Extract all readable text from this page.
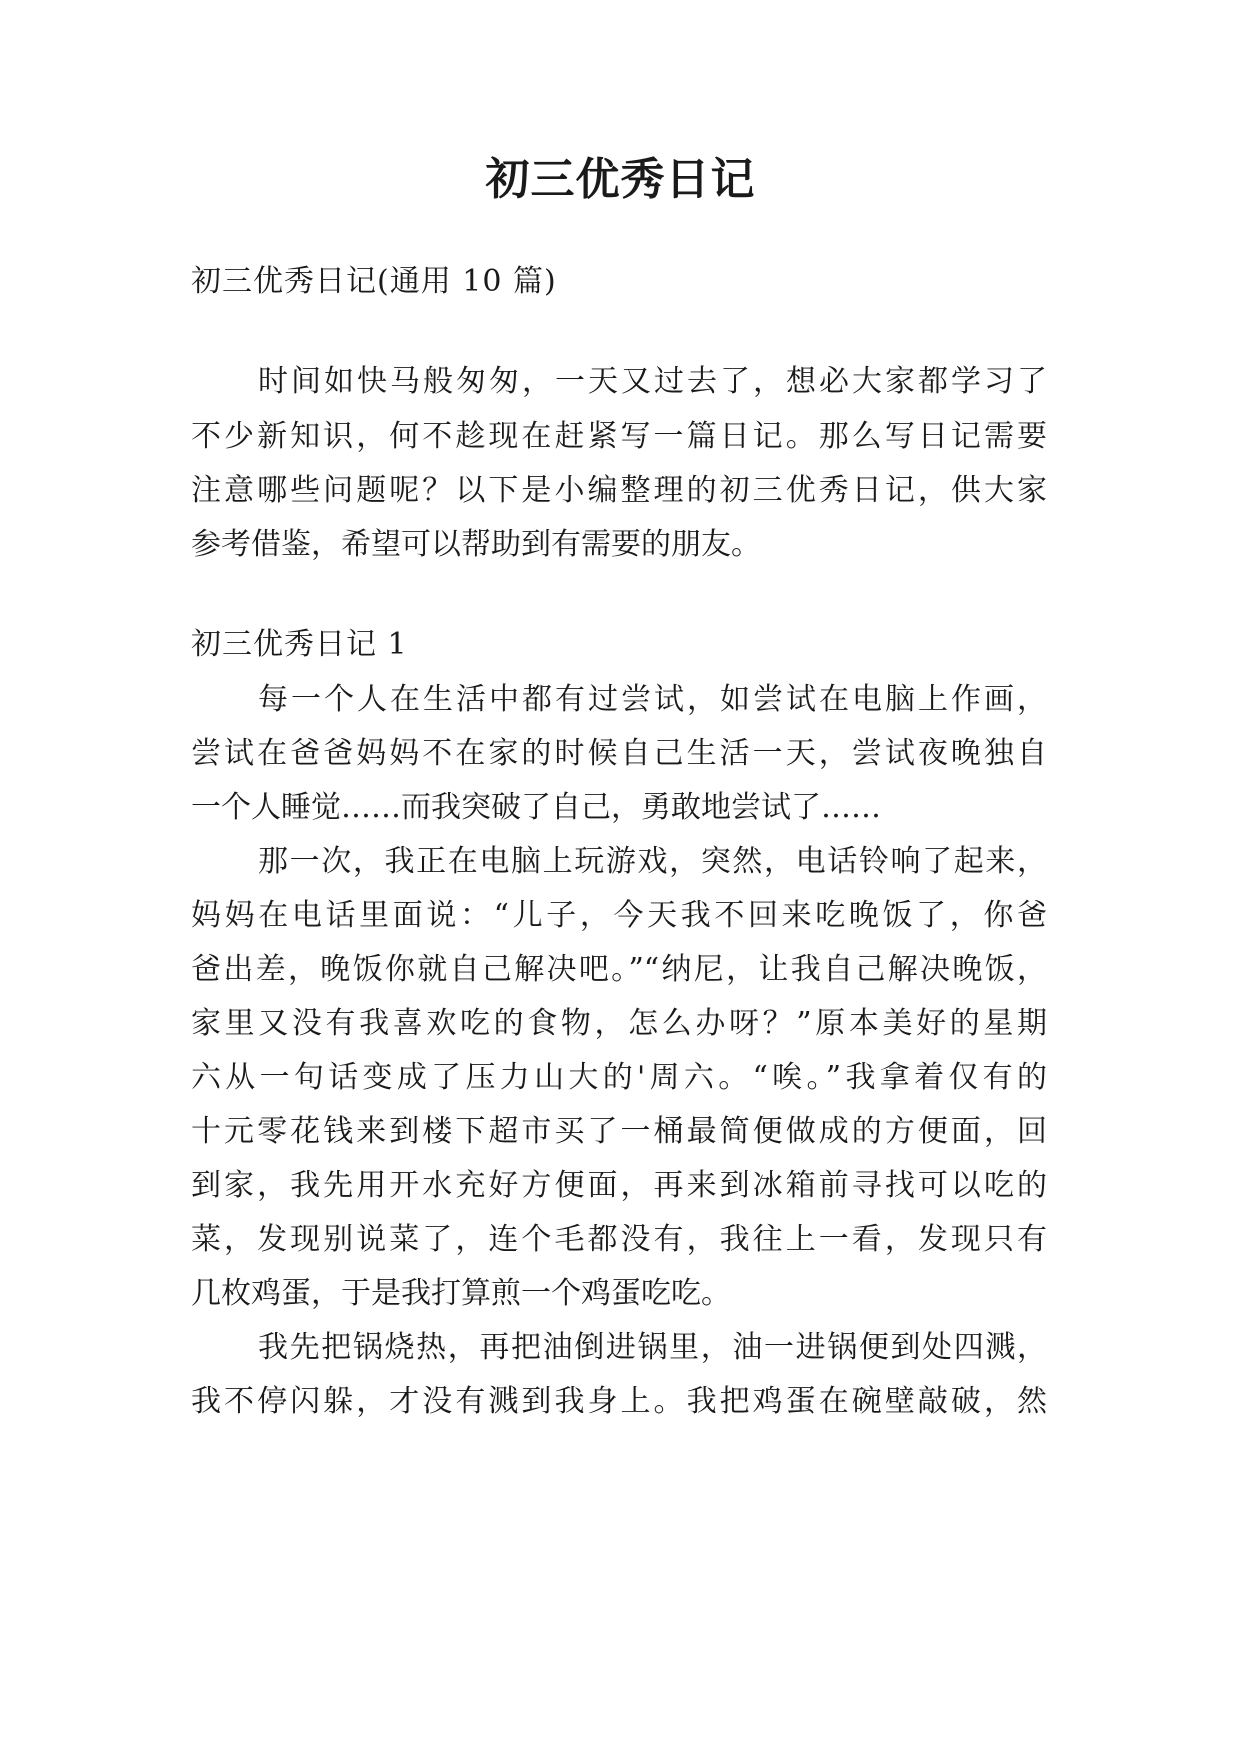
初三优秀日记
初三优秀日记(通用 10 篇)
时间如快马般匆匆，一天又过去了，想必大家都学习了
不少新知识，何不趁现在赶紧写一篇日记。那么写日记需要
注意哪些问题呢？以下是小编整理的初三优秀日记，供大家
参考借鉴，希望可以帮助到有需要的朋友。
初三优秀日记 1
每一个人在生活中都有过尝试，如尝试在电脑上作画，
尝试在爸爸妈妈不在家的时候自己生活一天，尝试夜晚独自
一个人睡觉……而我突破了自己，勇敢地尝试了……
那一次，我正在电脑上玩游戏，突然，电话铃响了起来，
妈妈在电话里面说：“儿子，今天我不回来吃晚饭了，你爸
爸出差，晚饭你就自己解决吧。”“纳尼，让我自己解决晚饭，
家里又没有我喜欢吃的食物，怎么办呀？”原本美好的星期
六从一句话变成了压力山大的'周六。“唉。”我拿着仅有的
十元零花钱来到楼下超市买了一桶最简便做成的方便面，回
到家，我先用开水充好方便面，再来到冰箱前寻找可以吃的
菜，发现别说菜了，连个毛都没有，我往上一看，发现只有
几枚鸡蛋，于是我打算煎一个鸡蛋吃吃。
我先把锅烧热，再把油倒进锅里，油一进锅便到处四溅，
我不停闪躲，才没有溅到我身上。我把鸡蛋在碗壁敲破，然
